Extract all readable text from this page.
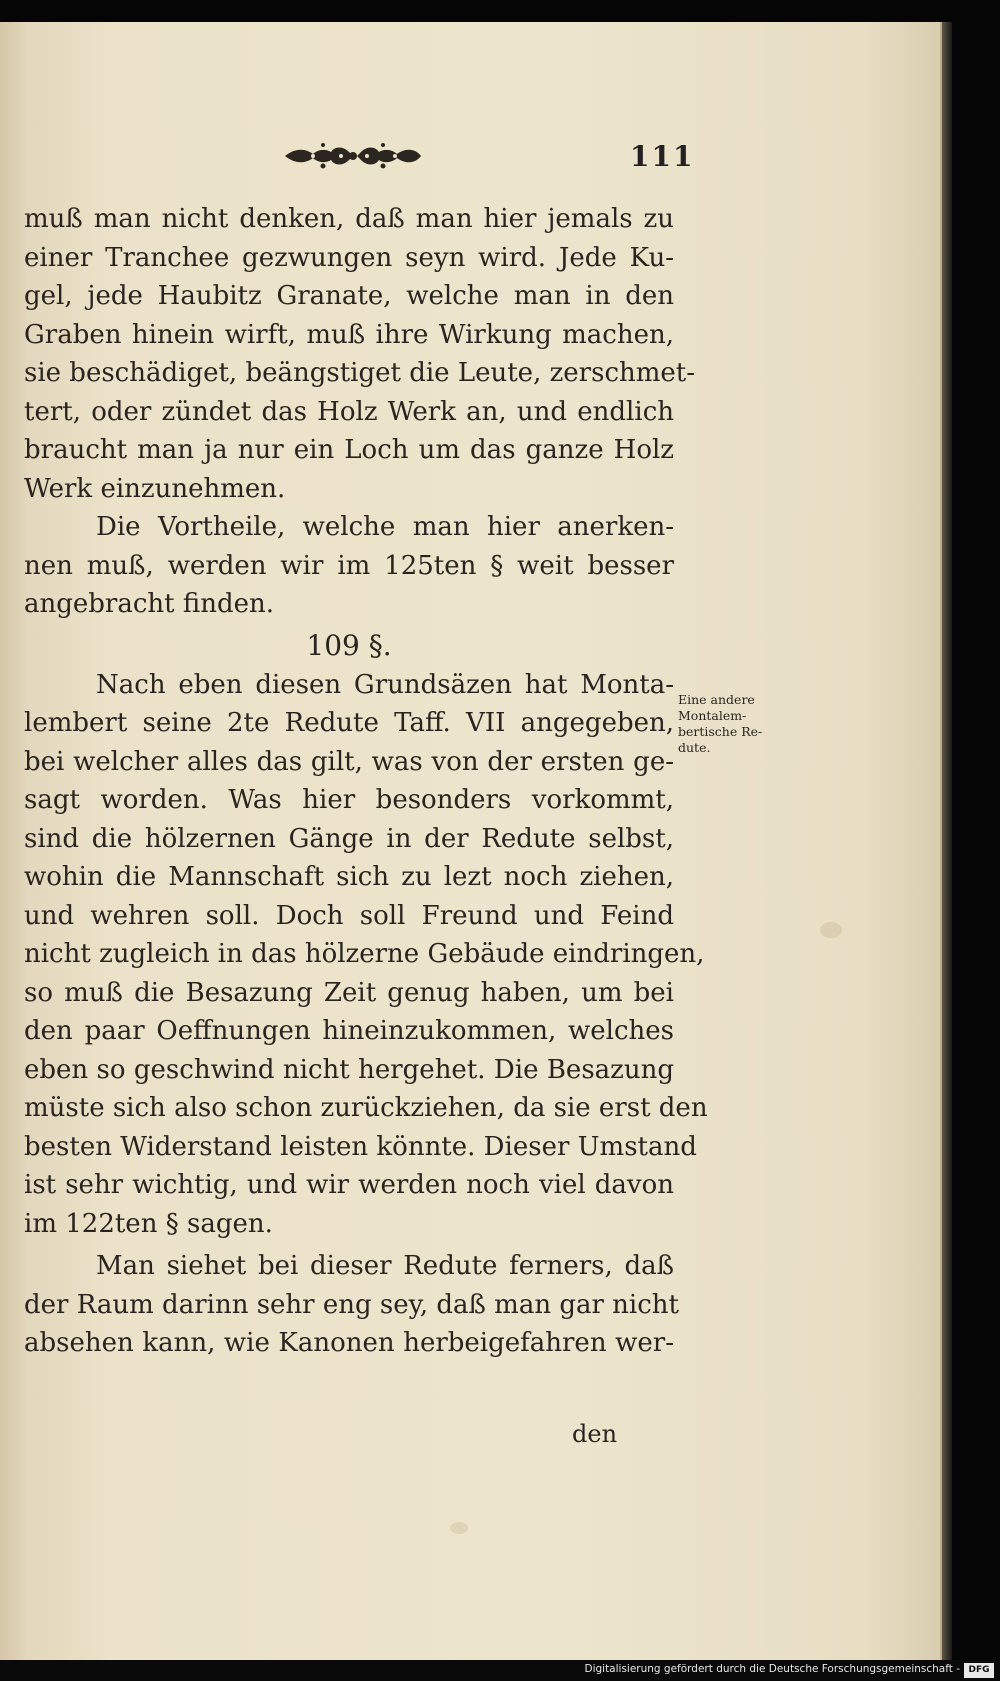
111
muß man nicht denken, daß man hier jemals zu
einer Tranchee gezwungen seyn wird. Jede Ku-
gel, jede Haubitz Granate, welche man in den
Graben hinein wirft, muß ihre Wirkung machen,
sie beschädiget, beängstiget die Leute, zerschmet-
tert, oder zündet das Holz Werk an, und endlich
braucht man ja nur ein Loch um das ganze Holz
Werk einzunehmen.
Die Vortheile, welche man hier anerken-
nen muß, werden wir im 125ten § weit besser
angebracht finden.
109 §.
Nach eben diesen Grundsäzen hat Monta-
lembert seine 2te Redute Taff. VII angegeben,
bei welcher alles das gilt, was von der ersten ge-
sagt worden. Was hier besonders vorkommt,
sind die hölzernen Gänge in der Redute selbst,
wohin die Mannschaft sich zu lezt noch ziehen,
und wehren soll. Doch soll Freund und Feind
nicht zugleich in das hölzerne Gebäude eindringen,
so muß die Besazung Zeit genug haben, um bei
den paar Oeffnungen hineinzukommen, welches
eben so geschwind nicht hergehet. Die Besazung
müste sich also schon zurückziehen, da sie erst den
besten Widerstand leisten könnte. Dieser Umstand
ist sehr wichtig, und wir werden noch viel davon
im 122ten § sagen.
Man siehet bei dieser Redute ferners, daß
der Raum darinn sehr eng sey, daß man gar nicht
absehen kann, wie Kanonen herbeigefahren wer-
Eine andere
Montalem-
bertische Re-
dute.
den
Digitalisierung gefördert durch die Deutsche Forschungsgemeinschaft - DFG
